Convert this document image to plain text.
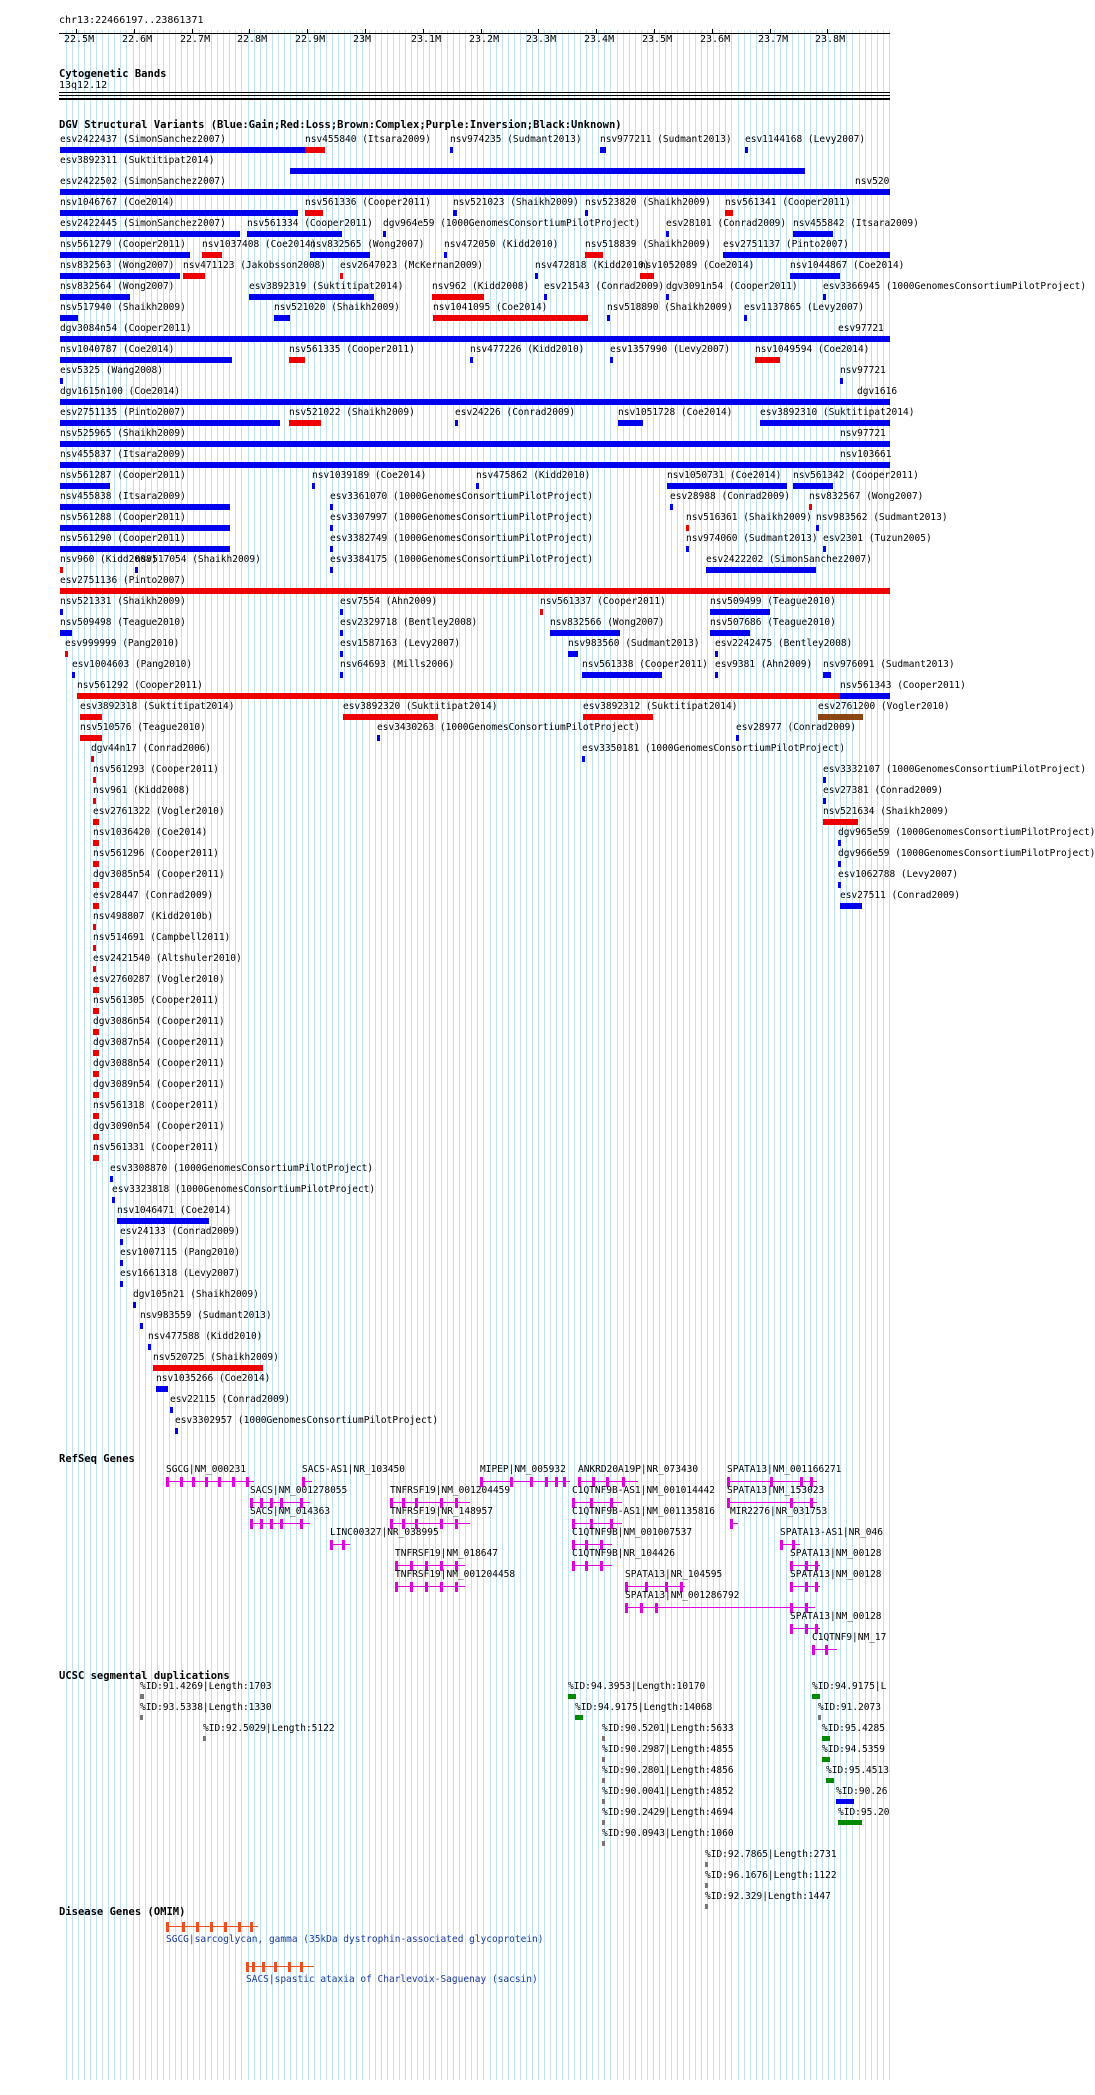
chr13:22466197..23861371
22.5M	22.6M	22.7M	22.8M	22.9M	23M	23.1M	23.2M	23.3M	23.4M	23.5M	23.6M	23.7M	23.8M
Cytogenetic Bands
13q12.12
DGV Structural Variants (Blue:Gain;Red:Loss;Brown:Complex;Purple:Inversion;Black:Unknown)
esv2422437 (SimonSanchez2007)	nsv455840 (Itsara2009) nsv974235 (Sudmant2013) nsv977211 (Sudmant2013) esv1144168 (Levy2007)
esv3892311 (Suktitipat2014)
esv2422502 (SimonSanchez2007)
nsv1046767 (Coe2014)	nsv561336 (Cooper2011) nsv521023 (Shaikh2009) nsv523820 (Shaikh2009) nsv561341 (Cooper2011)
esv2422445 (SimonSanchez2007) nsv561334 (Cooper2011) dgv964e59 (1000GenomesConsortiumPilotProject)	esv28101 (Conrad2009) nsv455842 (Itsara2009)
nsv561279 (Cooper2011) nsv1037408 (Coe2014)
nsv832565 (Wong2007) nsv472050 (Kidd2010)	nsv518839 (Shaikh2009) esv2751137 (Pinto2007)
nsv832563 (Wong2007) nsv471123 (Jakobsson2008) esv2647023 (McKernan2009)	nsv472818 (Kidd2010)
nsv1052089 (Coe2014)	nsv1044867 (Coe2014)
nsv832564 (Wong2007)	esv3892319 (Suktitipat2014)	nsv962 (Kidd2008) esv21543 (Conrad2009) dgv3091n54 (Cooper2011)	esv3366945 (1000GenomesConsortiumPilotProject)
nsv517940 (Shaikh2009)	nsv521020 (Shaikh2009)	nsv1041095 (Coe2014)	nsv518890 (Shaikh2009) esv1137865 (Levy2007)
dgv3084n54 (Cooper2011)
nsv1040787 (Coe2014)	nsv561335 (Cooper2011)	nsv477226 (Kidd2010)	esv1357990 (Levy2007)	nsv1049594 (Coe2014)
esv5325 (Wang2008)
dgv1615n100 (Coe2014)
esv2751135 (Pinto2007)	nsv521022 (Shaikh2009)	esv24226 (Conrad2009)	nsv1051728 (Coe2014)	esv3892310 (Suktitipat2014)
nsv525965 (Shaikh2009)
nsv455837 (Itsara2009)
nsv561287 (Cooper2011)	nsv1039189 (Coe2014)	nsv475862 (Kidd2010)	nsv1050731 (Coe2014) nsv561342 (Cooper2011)
nsv455838 (Itsara2009)	esv3361070 (1000GenomesConsortiumPilotProject)	esv28988 (Conrad2009) nsv832567 (Wong2007)
nsv561288 (Cooper2011)	esv3307997 (1000GenomesConsortiumPilotProject)	nsv516361 (Shaikh2009) nsv983562 (Sudmant2013)
nsv561290 (Cooper2011)	esv3382749 (1000GenomesConsortiumPilotProject)	nsv974060 (Sudmant2013) esv2301 (Tuzun2005)
nsv960 (Kidd2008)
nsv517054 (Shaikh2009)	esv3384175 (1000GenomesConsortiumPilotProject)	esv2422202 (SimonSanchez2007)
esv2751136 (Pinto2007)
nsv521331 (Shaikh2009)	esv7554 (Ahn2009)	nsv561337 (Cooper2011)	nsv509499 (Teague2010)
nsv509498 (Teague2010)	esv2329718 (Bentley2008)	nsv832566 (Wong2007)	nsv507686 (Teague2010)
esv999999 (Pang2010)	esv1587163 (Levy2007)	nsv983560 (Sudmant2013) esv2242475 (Bentley2008)
esv1004603 (Pang2010)	nsv64693 (Mills2006)	nsv561338 (Cooper2011) esv9381 (Ahn2009) nsv976091 (Sudmant2013)
nsv561292 (Cooper2011)	nsv561343 (Cooper2011)
esv3892318 (Suktitipat2014)	esv3892320 (Suktitipat2014)	esv3892312 (Suktitipat2014)	esv2761200 (Vogler2010)
nsv510576 (Teague2010)	esv3430263 (1000GenomesConsortiumPilotProject)	esv28977 (Conrad2009)
dgv44n17 (Conrad2006)	esv3350181 (1000GenomesConsortiumPilotProject)
nsv561293 (Cooper2011)	esv3332107 (1000GenomesConsortiumPilotProject)
nsv961 (Kidd2008)	esv27381 (Conrad2009)
esv2761322 (Vogler2010)	nsv521634 (Shaikh2009)
nsv1036420 (Coe2014)	dgv965e59 (1000GenomesConsortiumPilotProject)
nsv561296 (Cooper2011)	dgv966e59 (1000GenomesConsortiumPilotProject)
dgv3085n54 (Cooper2011)	esv1062788 (Levy2007)
esv28447 (Conrad2009)	esv27511 (Conrad2009)
nsv498807 (Kidd2010b)
nsv514691 (Campbell2011)
esv2421540 (Altshuler2010)
esv2760287 (Vogler2010)
nsv561305 (Cooper2011)
dgv3086n54 (Cooper2011)
dgv3087n54 (Cooper2011)
dgv3088n54 (Cooper2011)
dgv3089n54 (Cooper2011)
nsv561318 (Cooper2011)
dgv3090n54 (Cooper2011)
nsv561331 (Cooper2011)
esv3308870 (1000GenomesConsortiumPilotProject)
esv3323818 (1000GenomesConsortiumPilotProject)
nsv1046471 (Coe2014)
esv24133 (Conrad2009)
esv1007115 (Pang2010)
esv1661318 (Levy2007)
dgv105n21 (Shaikh2009)
nsv983559 (Sudmant2013)
nsv477588 (Kidd2010)
nsv520725 (Shaikh2009)
nsv1035266 (Coe2014)
esv22115 (Conrad2009)
esv3302957 (1000GenomesConsortiumPilotProject)
nsv520
esv97721
nsv97721
dgv1616
nsv97721
nsv103661
RefSeq Genes
SGCG|NM_000231	SACS-AS1|NR_103450	MIPEP|NM_005932 ANKRD20A19P|NR_073430	SPATA13|NM_001166271
SACS|NM_001278055	TNFRSF19|NM_001204459	C1QTNF9B-AS1|NM_001014442 SPATA13|NM_153023
SACS|NM_014363	TNFRSF19|NR_148957	C1QTNF9B-AS1|NM_001135816 MIR2276|NR_031753
LINC00327|NR_038995	C1QTNF9B|NM_001007537	SPATA13-AS1|NR_046
TNFRSF19|NM_018647	C1QTNF9B|NR_104426	SPATA13|NM_00128
TNFRSF19|NM_001204458	SPATA13|NR_104595	SPATA13|NM_00128
SPATA13|NM_001286792
SPATA13|NM_00128
C1QTNF9|NM_17
UCSC segmental duplications
%ID:91.4269|Length:1703
%ID:93.5338|Length:1330
%ID:92.5029|Length:5122
%ID:94.3953|Length:10170
%ID:94.9175|Length:14068
%ID:90.5201|Length:5633
%ID:90.2987|Length:4855
%ID:90.2801|Length:4856
%ID:90.0041|Length:4852
%ID:90.2429|Length:4694
%ID:90.0943|Length:1060
%ID:92.7865|Length:2731
%ID:96.1676|Length:1122
%ID:92.329|Length:1447
%ID:94.9175|L
%ID:91.2073
%ID:95.4285
%ID:94.5359
%ID:95.4513
%ID:90.26
%ID:95.20
Disease Genes (OMIM)
SGCG|sarcoglycan, gamma (35kDa dystrophin-associated glycoprotein)
SACS|spastic ataxia of Charlevoix-Saguenay (sacsin)
